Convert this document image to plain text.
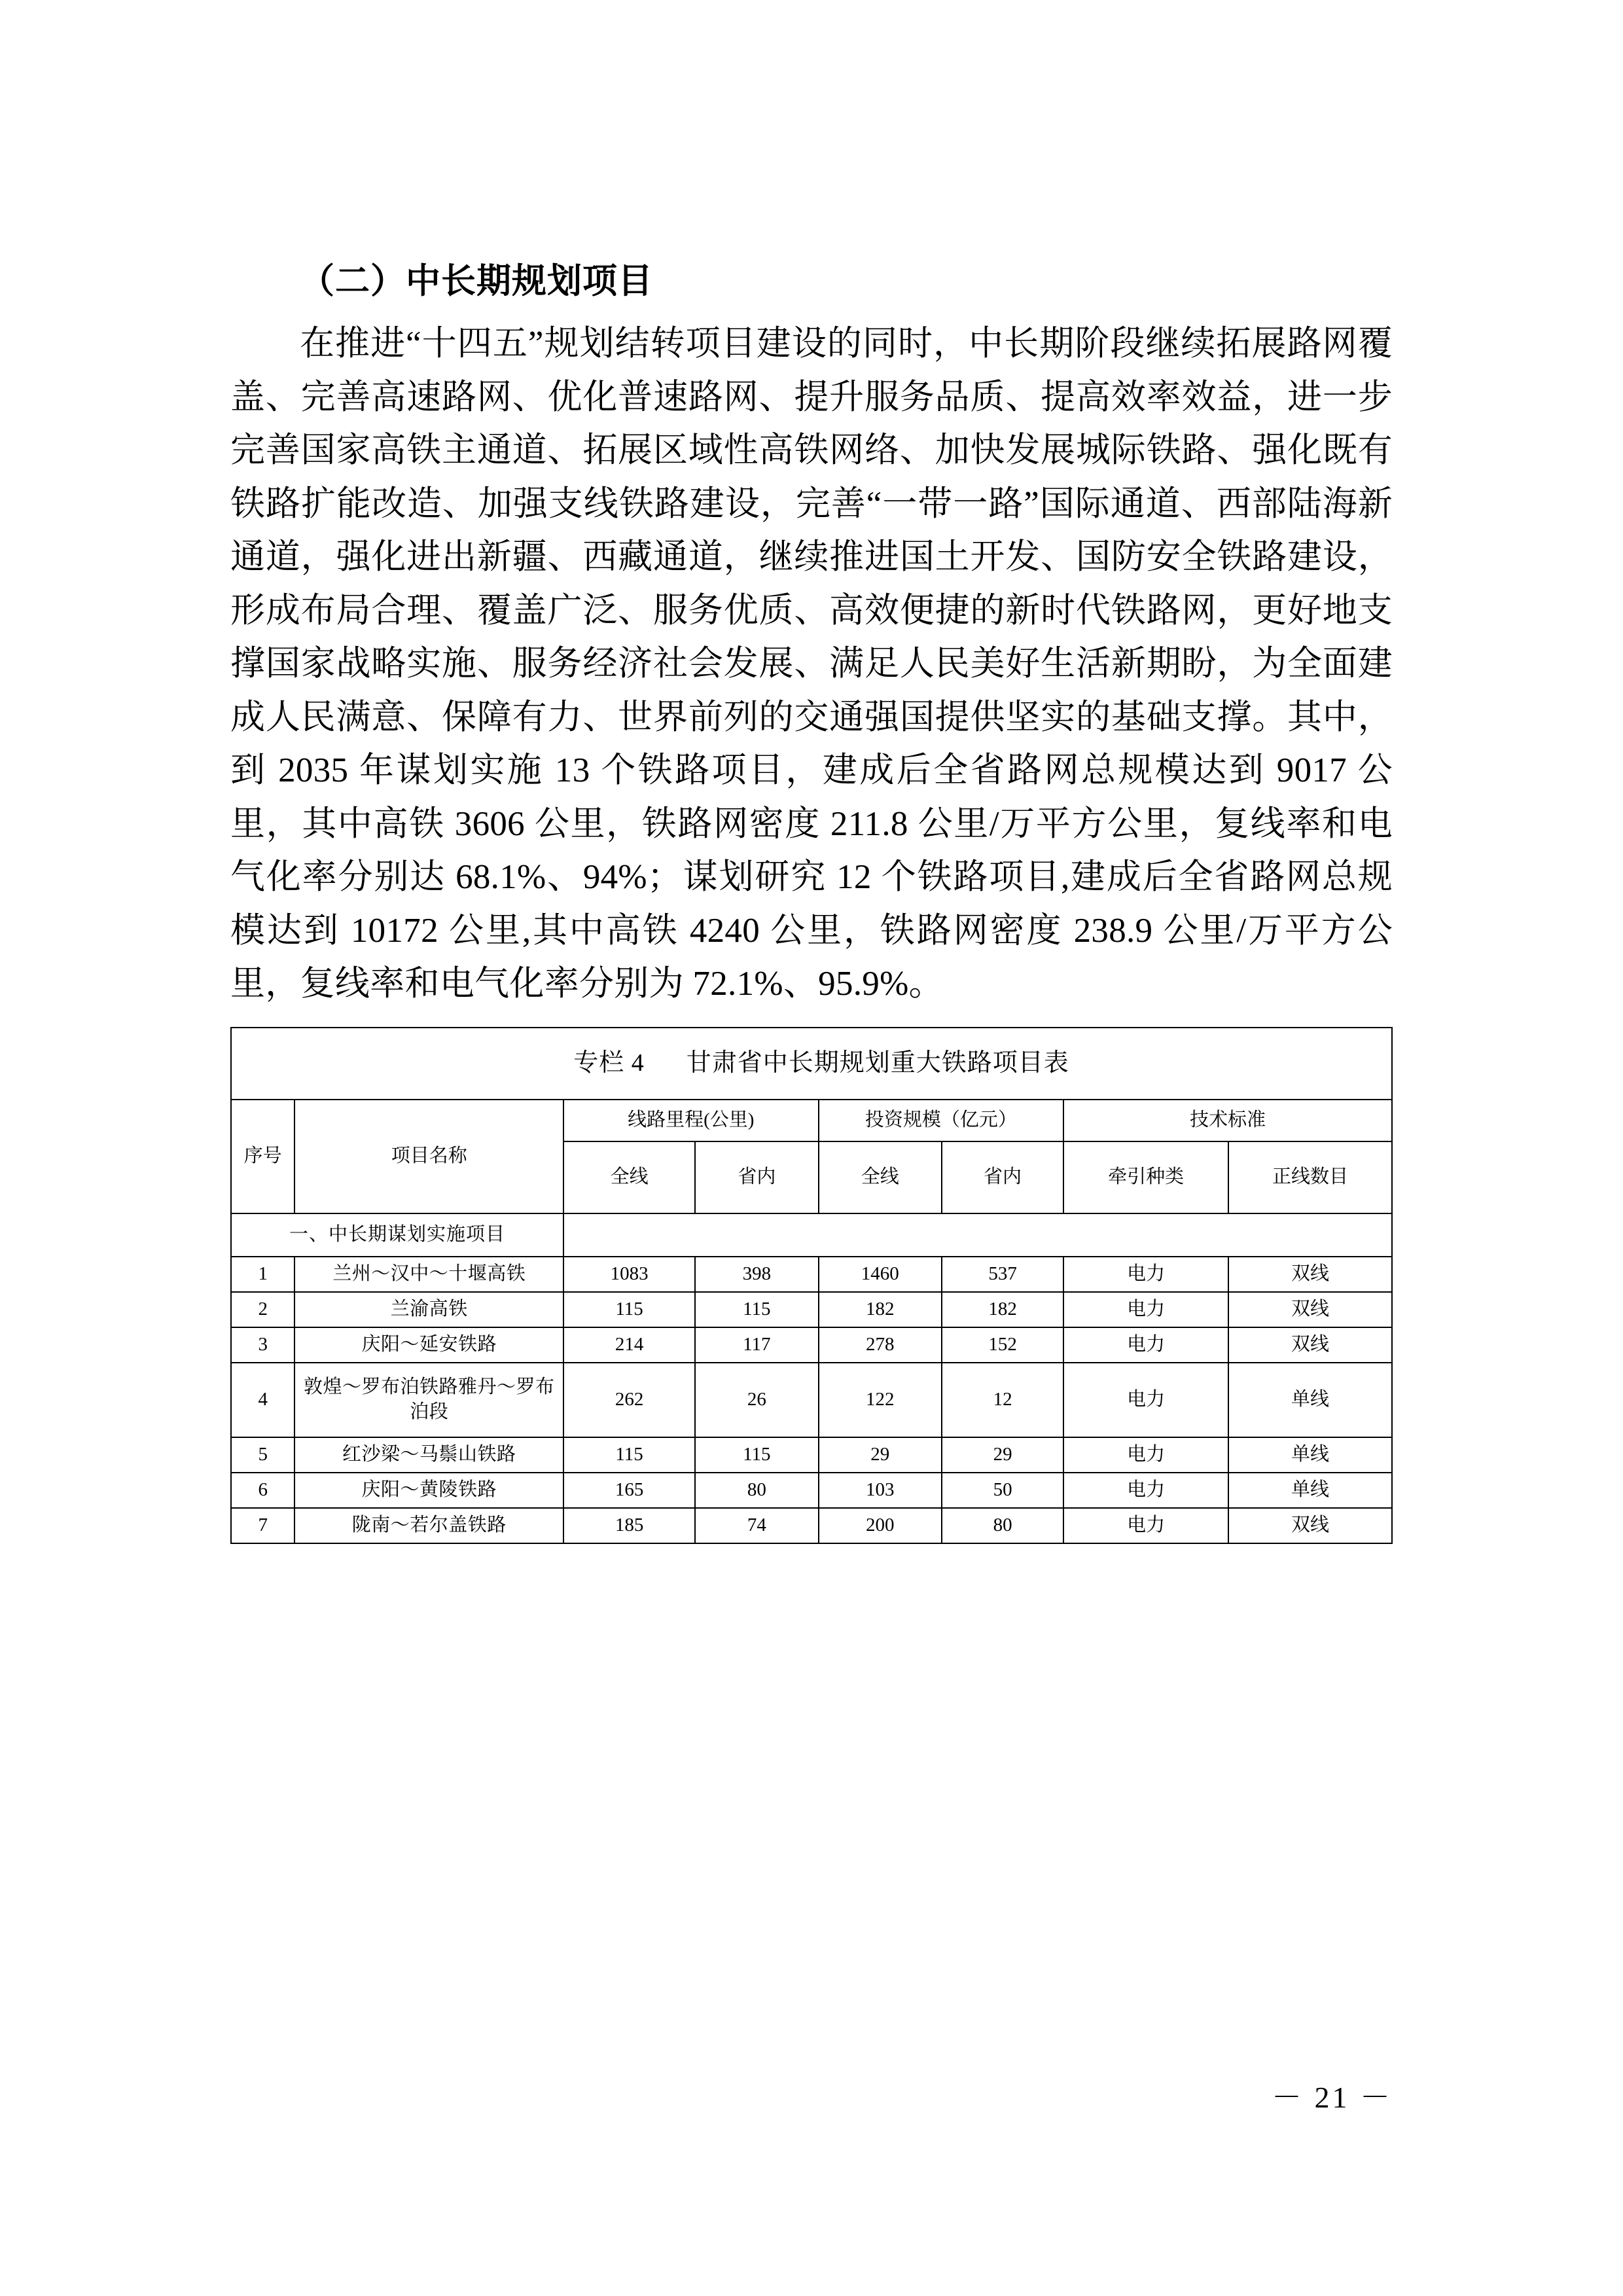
（二）中长期规划项目

在推进“十四五”规划结转项目建设的同时，中长期阶段继续拓展路网覆盖、完善高速路网、优化普速路网、提升服务品质、提高效率效益，进一步完善国家高铁主通道、拓展区域性高铁网络、加快发展城际铁路、强化既有铁路扩能改造、加强支线铁路建设，完善“一带一路”国际通道、西部陆海新通道，强化进出新疆、西藏通道，继续推进国土开发、国防安全铁路建设，形成布局合理、覆盖广泛、服务优质、高效便捷的新时代铁路网，更好地支撑国家战略实施、服务经济社会发展、满足人民美好生活新期盼，为全面建成人民满意、保障有力、世界前列的交通强国提供坚实的基础支撑。其中，到 2035 年谋划实施 13 个铁路项目，建成后全省路网总规模达到 9017 公里，其中高铁 3606 公里，铁路网密度 211.8 公里/万平方公里，复线率和电气化率分别达 68.1%、94%；谋划研究 12 个铁路项目,建成后全省路网总规模达到 10172 公里,其中高铁 4240 公里，铁路网密度 238.9 公里/万平方公里，复线率和电气化率分别为 72.1%、95.9%。

专栏 4 甘肃省中长期规划重大铁路项目表							

序号	项目名称	线路里程(公里)		投资规模（亿元）		技术标准	
		全线	省内	全线	省内	牵引种类	正线数目

一、中长期谋划实施项目							
1	兰州～汉中～十堰高铁	1083	398	1460	537	电力	双线
2	兰渝高铁	115	115	182	182	电力	双线
3	庆阳～延安铁路	214	117	278	152	电力	双线
4	敦煌～罗布泊铁路雅丹～罗布泊段	262	26	122	12	电力	单线
5	红沙梁～马鬃山铁路	115	115	29	29	电力	单线
6	庆阳～黄陵铁路	165	80	103	50	电力	单线
7	陇南～若尔盖铁路	185	74	200	80	电力	双线
－ 21 －
